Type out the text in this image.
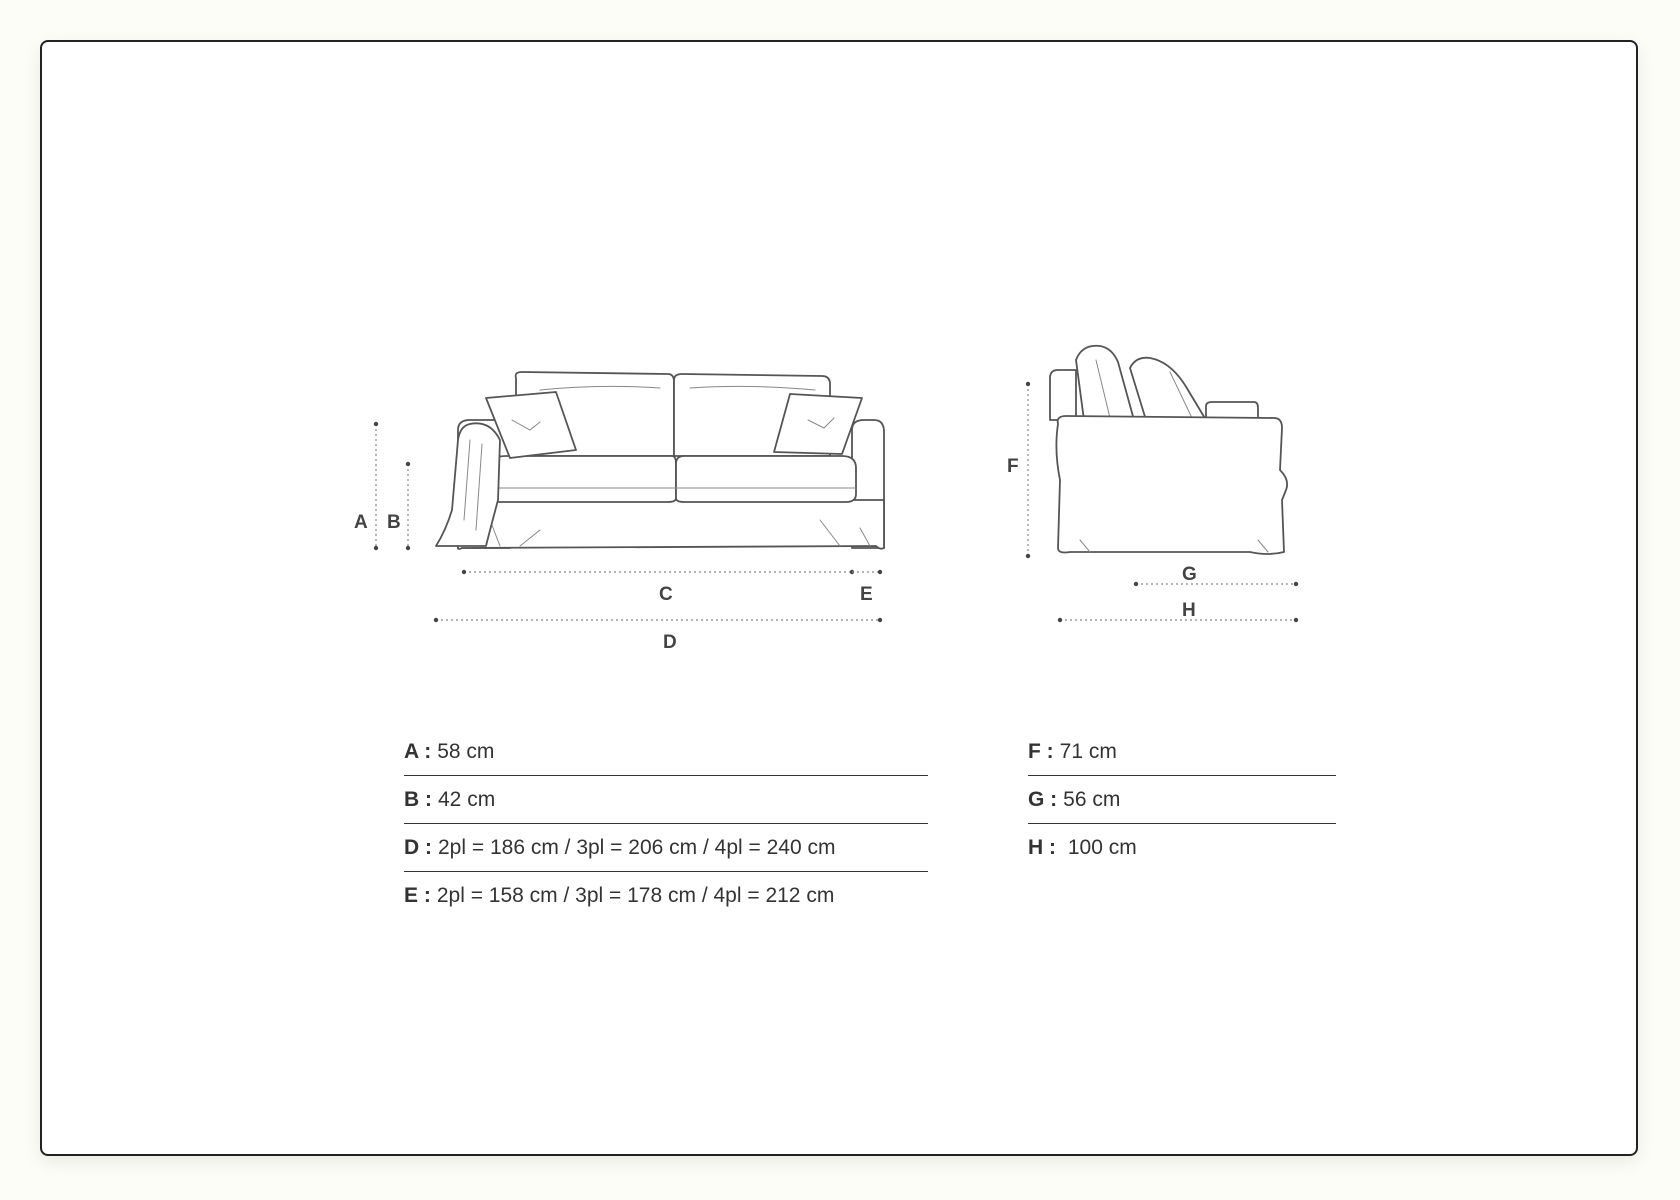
A B
C	E
D
F
G
H
A : 58 cm
B : 42 cm
D : 2pl = 186 cm / 3pl = 206 cm / 4pl = 240 cm
E : 2pl = 158 cm / 3pl = 178 cm / 4pl = 212 cm
F : 71 cm
G : 56 cm
H : 100 cm
